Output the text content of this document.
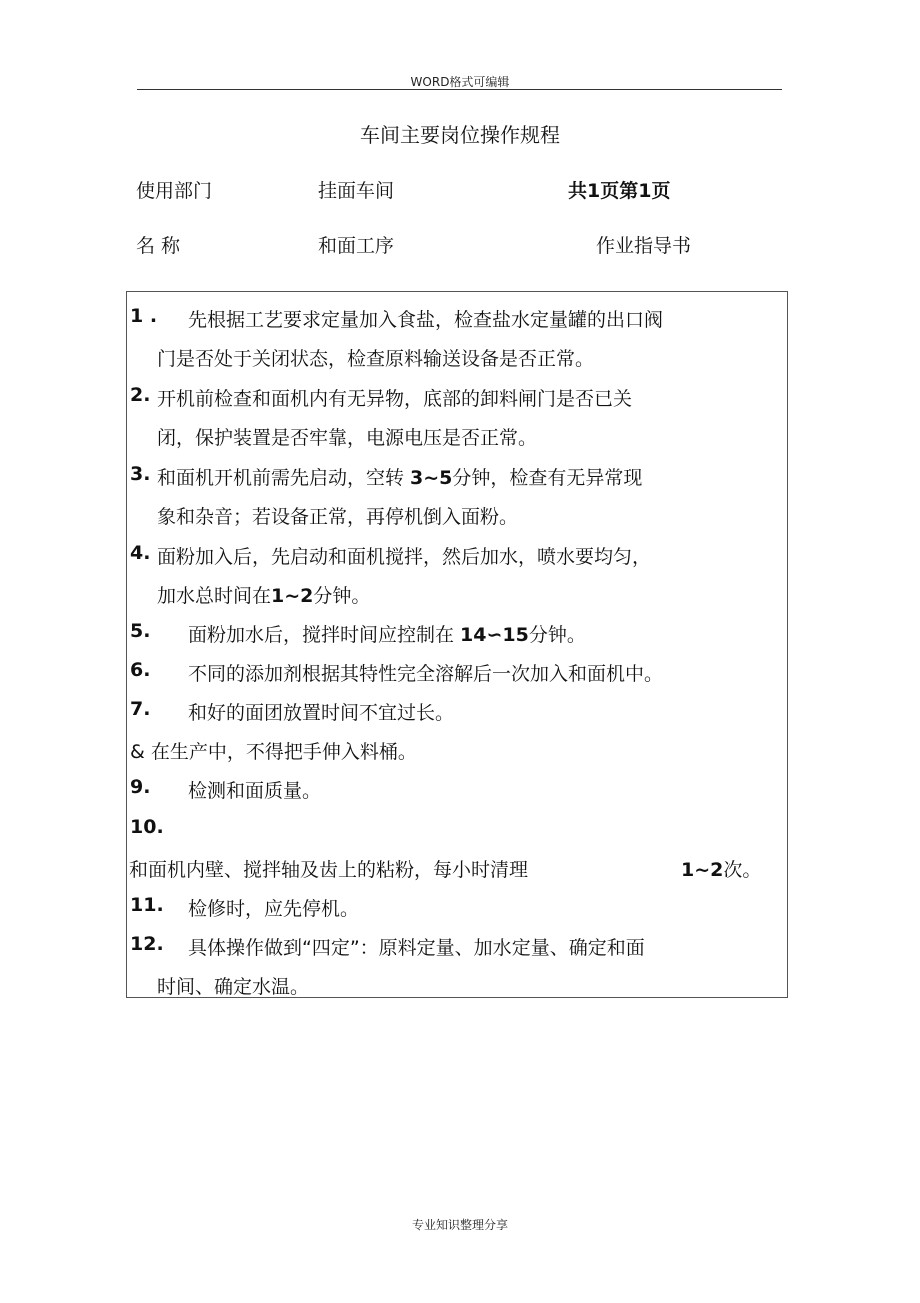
WORD格式可编辑
车间主要岗位操作规程
使用部门	挂面车间	共1页第1页
名 称	和面工序	作业指导书
1 . 先根据工艺要求定量加入食盐，检查盐水定量罐的出口阀
门是否处于关闭状态，检查原料输送设备是否正常。
2. 开机前检查和面机内有无异物，底部的卸料闸门是否已关
闭，保护装置是否牢靠，电源电压是否正常。
3. 和面机开机前需先启动，空转 3~5分钟，检查有无异常现
象和杂音；若设备正常，再停机倒入面粉。
4. 面粉加入后，先启动和面机搅拌，然后加水，喷水要均匀，
加水总时间在1~2分钟。
5. 面粉加水后，搅拌时间应控制在 14∽15分钟。
6. 不同的添加剂根据其特性完全溶解后一次加入和面机中。
7. 和好的面团放置时间不宜过长。
& 在生产中，不得把手伸入料桶。
9. 检测和面质量。
10.
和面机内壁、搅拌轴及齿上的粘粉，每小时清理	1~2次。
11. 检修时，应先停机。
12. 具体操作做到“四定”：原料定量、加水定量、确定和面
时间、确定水温。
专业知识整理分享
